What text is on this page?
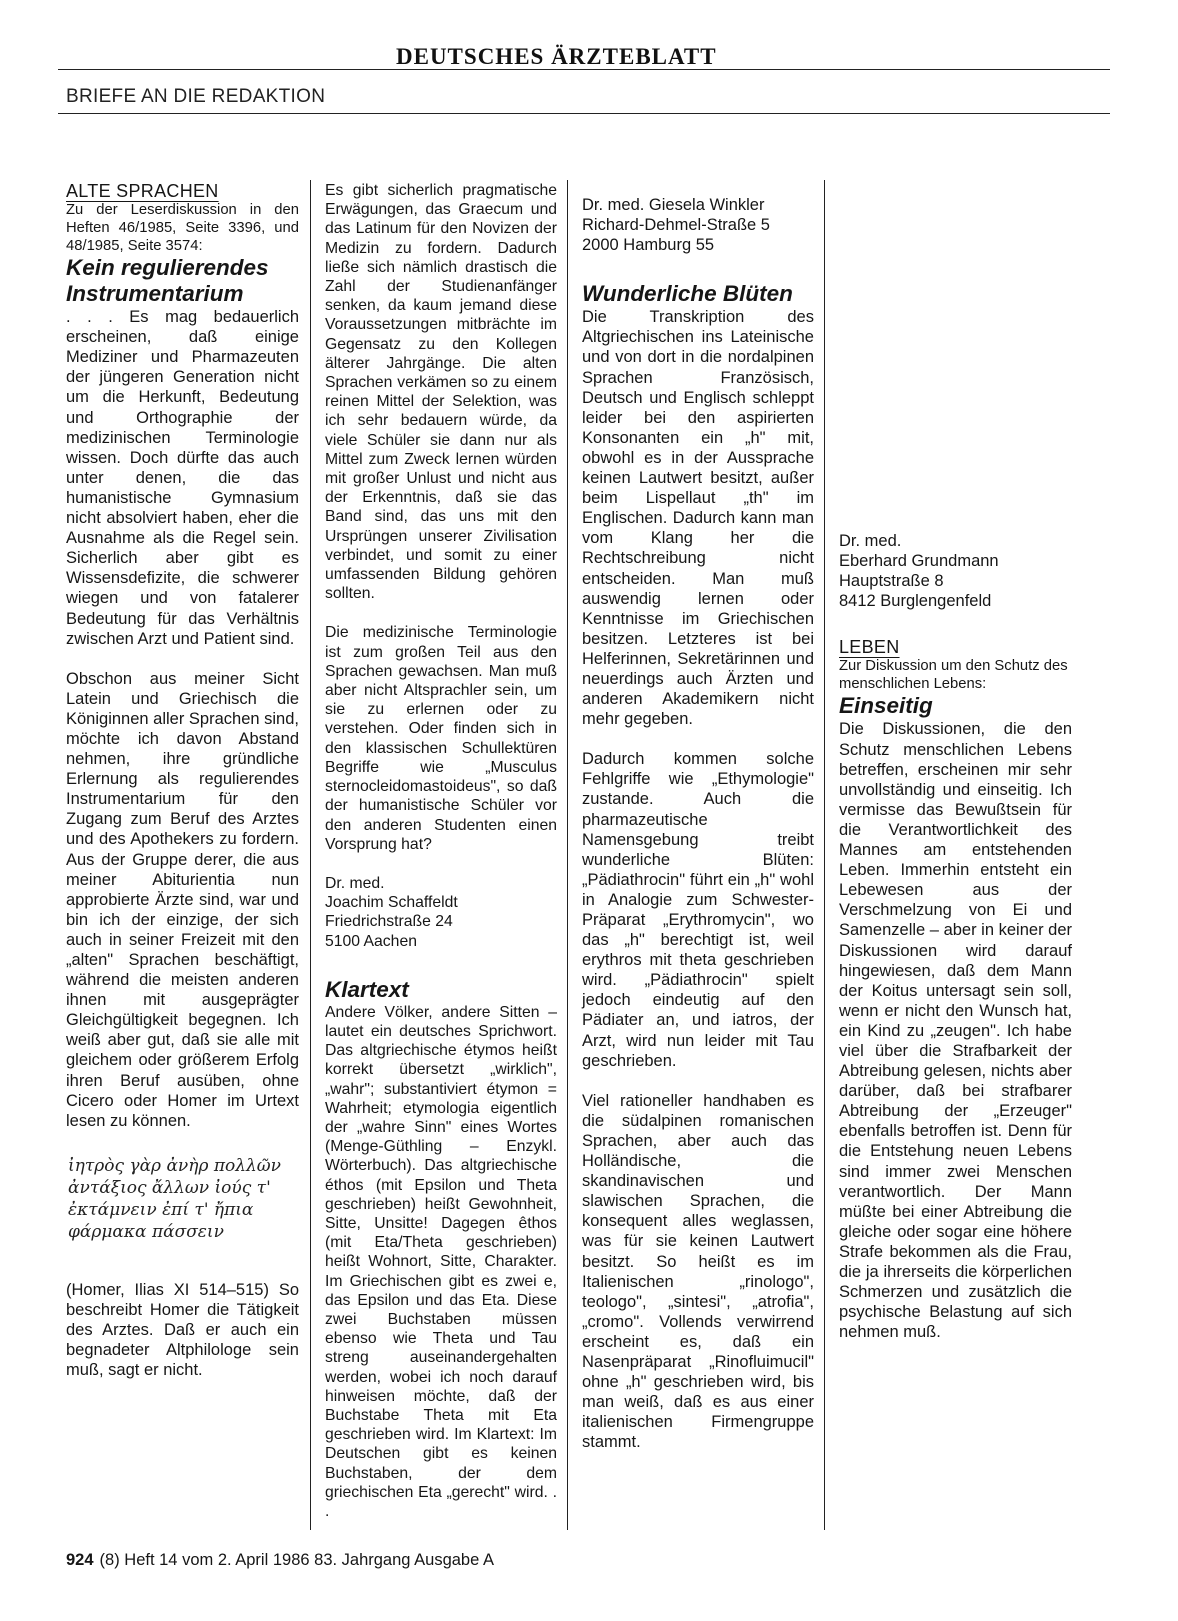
DEUTSCHES ÄRZTEBLATT
BRIEFE AN DIE REDAKTION

ALTE SPRACHEN

Zu der Leserdiskussion in den Heften 46/1985, Seite 3396, und 48/1985, Seite 3574:

Kein regulierendes Instrumentarium

. . . Es mag bedauerlich erscheinen, daß einige Mediziner und Pharmazeuten der jüngeren Generation nicht um die Herkunft, Bedeutung und Orthographie der medizinischen Terminologie wissen. Doch dürfte das auch unter denen, die das humanistische Gymnasium nicht absolviert haben, eher die Ausnahme als die Regel sein. Sicherlich aber gibt es Wissensdefizite, die schwerer wiegen und von fatalerer Bedeutung für das Verhältnis zwischen Arzt und Patient sind.

Obschon aus meiner Sicht Latein und Griechisch die Königinnen aller Sprachen sind, möchte ich davon Abstand nehmen, ihre gründliche Erlernung als regulierendes Instrumentarium für den Zugang zum Beruf des Arztes und des Apothekers zu fordern. Aus der Gruppe derer, die aus meiner Abiturientia nun approbierte Ärzte sind, war und bin ich der einzige, der sich auch in seiner Freizeit mit den „alten" Sprachen beschäftigt, während die meisten anderen ihnen mit ausgeprägter Gleichgültigkeit begegnen. Ich weiß aber gut, daß sie alle mit gleichem oder größerem Erfolg ihren Beruf ausüben, ohne Cicero oder Homer im Urtext lesen zu können.

ἰητρὸς γὰρ ἀνὴρ πολλῶν
ἀντάξιος ἄλλων ἰούς τ'
ἐκτάμνειν ἐπί τ' ἤπια
φάρμακα πάσσειν

(Homer, Ilias XI 514–515) So beschreibt Homer die Tätigkeit des Arztes. Daß er auch ein begnadeter Altphilologe sein muß, sagt er nicht.

Es gibt sicherlich pragmatische Erwägungen, das Graecum und das Latinum für den Novizen der Medizin zu fordern. Dadurch ließe sich nämlich drastisch die Zahl der Studienanfänger senken, da kaum jemand diese Voraussetzungen mitbrächte im Gegensatz zu den Kollegen älterer Jahrgänge. Die alten Sprachen verkämen so zu einem reinen Mittel der Selektion, was ich sehr bedauern würde, da viele Schüler sie dann nur als Mittel zum Zweck lernen würden mit großer Unlust und nicht aus der Erkenntnis, daß sie das Band sind, das uns mit den Ursprüngen unserer Zivilisation verbindet, und somit zu einer umfassenden Bildung gehören sollten.

Die medizinische Terminologie ist zum großen Teil aus den Sprachen gewachsen. Man muß aber nicht Altsprachler sein, um sie zu erlernen oder zu verstehen. Oder finden sich in den klassischen Schullektüren Begriffe wie „Musculus sternocleidomastoideus", so daß der humanistische Schüler vor den anderen Studenten einen Vorsprung hat?

Dr. med.
Joachim Schaffeldt
Friedrichstraße 24
5100 Aachen

Klartext

Andere Völker, andere Sitten – lautet ein deutsches Sprichwort. Das altgriechische étymos heißt korrekt übersetzt „wirklich", „wahr"; substantiviert étymon = Wahrheit; etymologia eigentlich der „wahre Sinn" eines Wortes (Menge-Güthling – Enzykl. Wörterbuch). Das altgriechische éthos (mit Epsilon und Theta geschrieben) heißt Gewohnheit, Sitte, Unsitte! Dagegen êthos (mit Eta/Theta geschrieben) heißt Wohnort, Sitte, Charakter. Im Griechischen gibt es zwei e, das Epsilon und das Eta. Diese zwei Buchstaben müssen ebenso wie Theta und Tau streng auseinandergehalten werden, wobei ich noch darauf hinweisen möchte, daß der Buchstabe Theta mit Eta geschrieben wird. Im Klartext: Im Deutschen gibt es keinen Buchstaben, der dem griechischen Eta „gerecht" wird. . .

Dr. med. Giesela Winkler
Richard-Dehmel-Straße 5
2000 Hamburg 55

Wunderliche Blüten

Die Transkription des Altgriechischen ins Lateinische und von dort in die nordalpinen Sprachen Französisch, Deutsch und Englisch schleppt leider bei den aspirierten Konsonanten ein „h" mit, obwohl es in der Aussprache keinen Lautwert besitzt, außer beim Lispellaut „th" im Englischen. Dadurch kann man vom Klang her die Rechtschreibung nicht entscheiden. Man muß auswendig lernen oder Kenntnisse im Griechischen besitzen. Letzteres ist bei Helferinnen, Sekretärinnen und neuerdings auch Ärzten und anderen Akademikern nicht mehr gegeben.

Dadurch kommen solche Fehlgriffe wie „Ethymologie" zustande. Auch die pharmazeutische Namensgebung treibt wunderliche Blüten: „Pädiathrocin" führt ein „h" wohl in Analogie zum Schwester-Präparat „Erythromycin", wo das „h" berechtigt ist, weil erythros mit theta geschrieben wird. „Pädiathrocin" spielt jedoch eindeutig auf den Pädiater an, und iatros, der Arzt, wird nun leider mit Tau geschrieben.

Viel rationeller handhaben es die südalpinen romanischen Sprachen, aber auch das Holländische, die skandinavischen und slawischen Sprachen, die konsequent alles weglassen, was für sie keinen Lautwert besitzt. So heißt es im Italienischen „rinologo", teologo", „sintesi", „atrofia", „cromo". Vollends verwirrend erscheint es, daß ein Nasenpräparat „Rinofluimucil" ohne „h" geschrieben wird, bis man weiß, daß es aus einer italienischen Firmengruppe stammt.

Dr. med.
Eberhard Grundmann
Hauptstraße 8
8412 Burglengenfeld

LEBEN

Zur Diskussion um den Schutz des menschlichen Lebens:

Einseitig

Die Diskussionen, die den Schutz menschlichen Lebens betreffen, erscheinen mir sehr unvollständig und einseitig. Ich vermisse das Bewußtsein für die Verantwortlichkeit des Mannes am entstehenden Leben. Immerhin entsteht ein Lebewesen aus der Verschmelzung von Ei und Samenzelle – aber in keiner der Diskussionen wird darauf hingewiesen, daß dem Mann der Koitus untersagt sein soll, wenn er nicht den Wunsch hat, ein Kind zu „zeugen". Ich habe viel über die Strafbarkeit der Abtreibung gelesen, nichts aber darüber, daß bei strafbarer Abtreibung der „Erzeuger" ebenfalls betroffen ist. Denn für die Entstehung neuen Lebens sind immer zwei Menschen verantwortlich. Der Mann müßte bei einer Abtreibung die gleiche oder sogar eine höhere Strafe bekommen als die Frau, die ja ihrerseits die körperlichen Schmerzen und zusätzlich die psychische Belastung auf sich nehmen muß.

924 (8) Heft 14 vom 2. April 1986 83. Jahrgang Ausgabe A
